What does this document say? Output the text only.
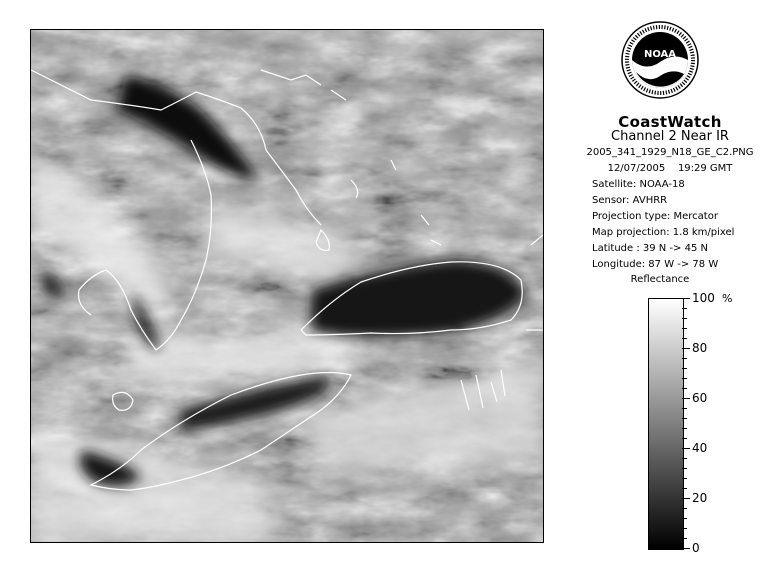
NOAA
CoastWatch
Channel 2 Near IR
2005_341_1929_N18_GE_C2.PNG
12/07/2005 19:29 GMT
Satellite: NOAA-18
Sensor: AVHRR
Projection type: Mercator
Map projection: 1.8 km/pixel
Latitude : 39 N -> 45 N
Longitude: 87 W -> 78 W
Reflectance
%
100
80
60
40
20
0
